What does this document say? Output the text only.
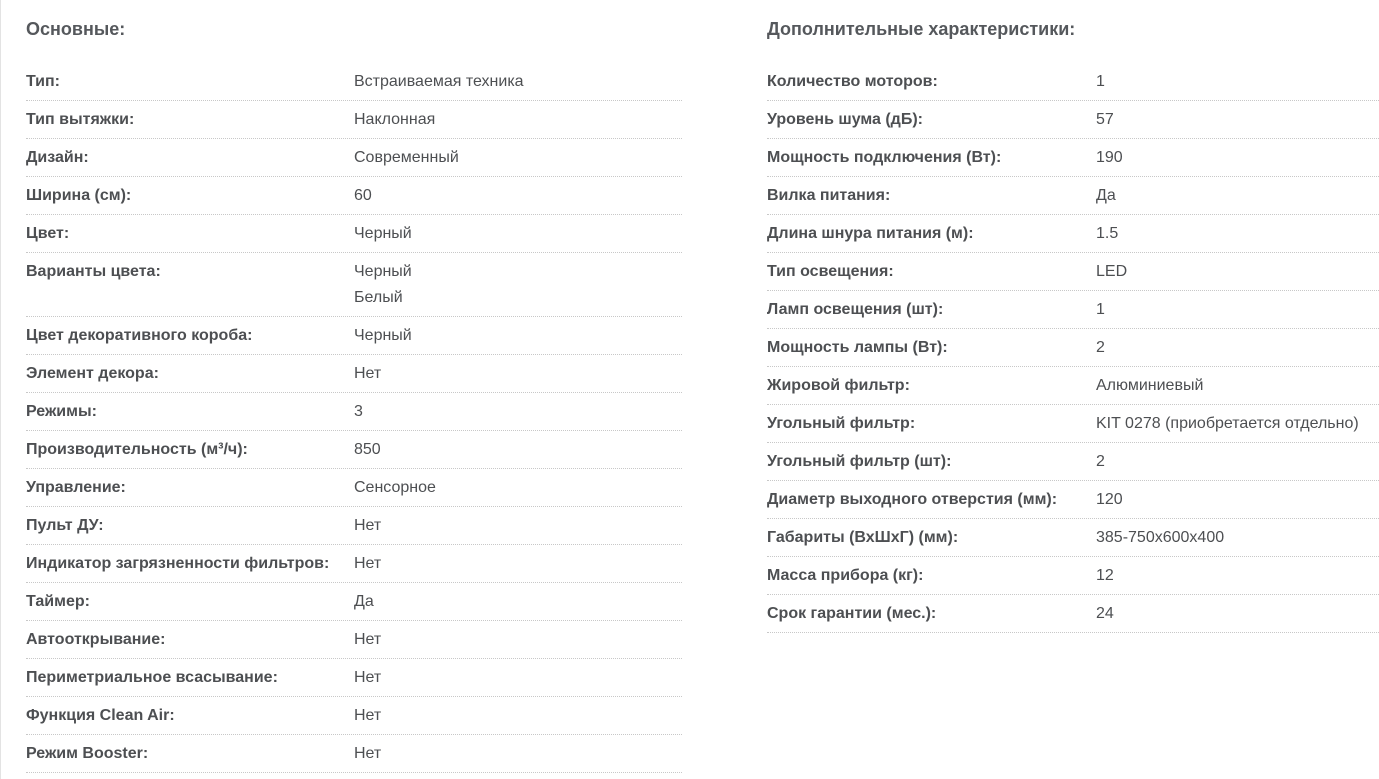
Основные:
Тип:	Встраиваемая техника
Тип вытяжки:	Наклонная
Дизайн:	Современный
Ширина (см):	60
Цвет:	Черный
Варианты цвета:	Черный
Белый
Цвет декоративного короба:	Черный
Элемент декора:	Нет
Режимы:	3
Производительность (м³/ч):	850
Управление:	Сенсорное
Пульт ДУ:	Нет
Индикатор загрязненности фильтров: Нет
Таймер:	Да
Автооткрывание:	Нет
Периметриальное всасывание:	Нет
Функция Clean Air:	Нет
Режим Booster:	Нет
Дополнительные характеристики:
Количество моторов:	1
Уровень шума (дБ):	57
Мощность подключения (Вт):	190
Вилка питания:	Да
Длина шнура питания (м):	1.5
Тип освещения:	LED
Ламп освещения (шт):	1
Мощность лампы (Вт):	2
Жировой фильтр:	Алюминиевый
Угольный фильтр:	KIT 0278 (приобретается отдельно)
Угольный фильтр (шт):	2
Диаметр выходного отверстия (мм): 120
Габариты (ВхШхГ) (мм):	385-750х600х400
Масса прибора (кг):	12
Срок гарантии (мес.):	24
